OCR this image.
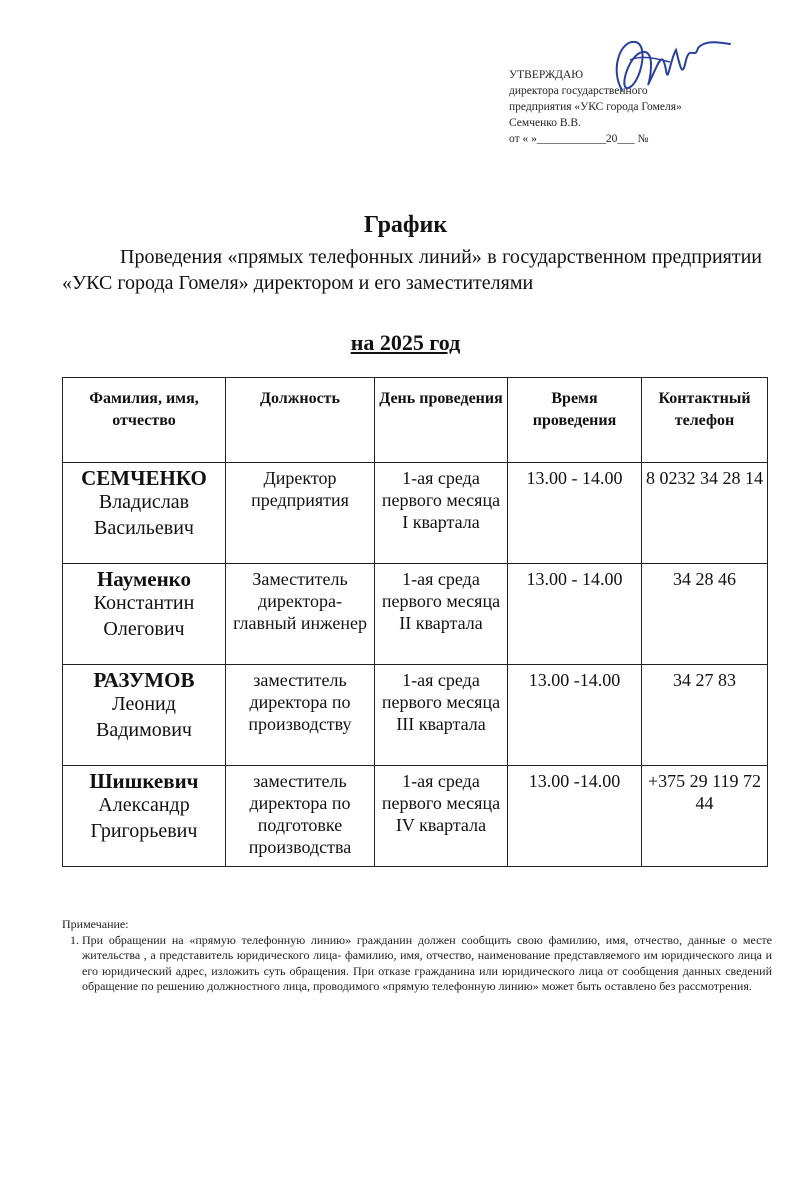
УТВЕРЖДАЮ
директора государственного
предприятия «УКС города Гомеля»
Семченко В.В.
от « »____________20___ №
График

Проведения «прямых телефонных линий» в государственном предприятии «УКС города Гомеля» директором и его заместителями

на 2025 год

Фамилия, имя, отчество	Должность	День проведения	Время проведения	Контактный телефон

СЕМЧЕНКО
Владислав Васильевич	Директор предприятия	1-ая среда первого месяца I квартала	13.00 - 14.00	8 0232 34 28 14

Науменко
Константин Олегович	Заместитель директора-главный инженер	1-ая среда первого месяца II квартала	13.00 - 14.00	34 28 46

РАЗУМОВ
Леонид Вадимович	заместитель директора по производству	1-ая среда первого месяца III квартала	13.00 -14.00	34 27 83

Шишкевич
Александр Григорьевич	заместитель директора по подготовке производства	1-ая среда первого месяца IV квартала	13.00 -14.00	+375 29 119 72 44
Примечание:
1. При обращении на «прямую телефонную линию» гражданин должен сообщить свою фамилию, имя, отчество, данные о месте жительства , а представитель юридического лица- фамилию, имя, отчество, наименование представляемого им юридического лица и его юридический адрес, изложить суть обращения. При отказе гражданина или юридического лица от сообщения данных сведений обращение по решению должностного лица, проводимого «прямую телефонную линию» может быть оставлено без рассмотрения.
